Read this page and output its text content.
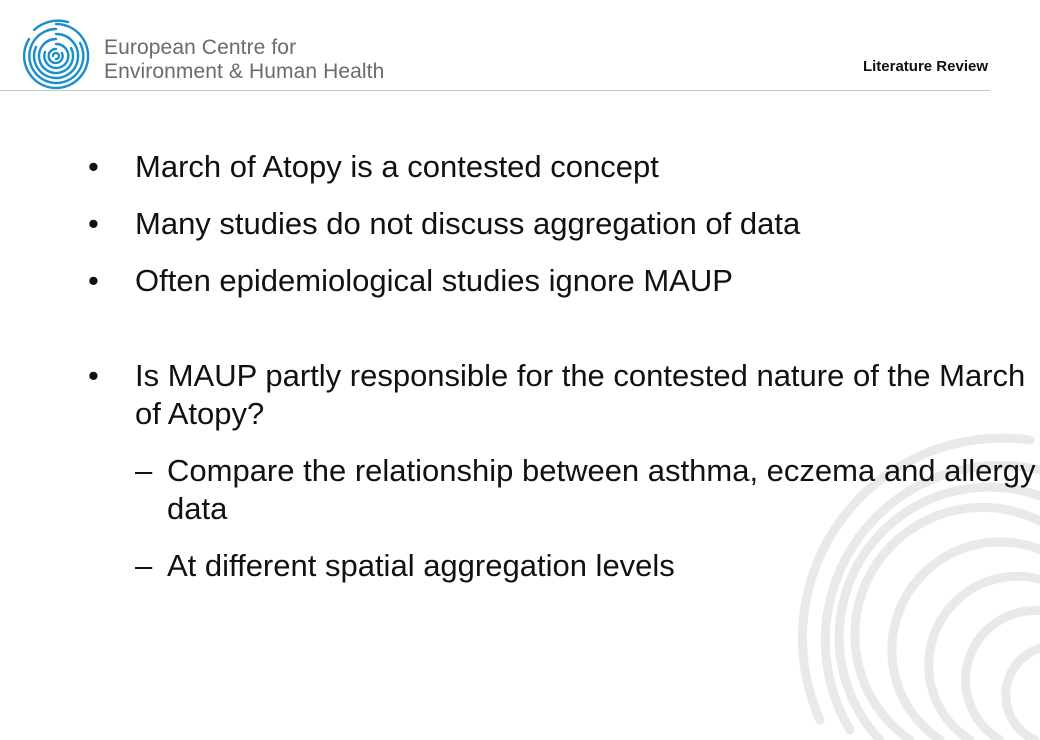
European Centre for
Environment & Human Health	Literature Review

• March of Atopy is a contested concept

• Many studies do not discuss aggregation of data

• Often epidemiological studies ignore MAUP

• Is MAUP partly responsible for the contested nature of the March of Atopy?

– Compare the relationship between asthma, eczema and allergy data

– At different spatial aggregation levels
